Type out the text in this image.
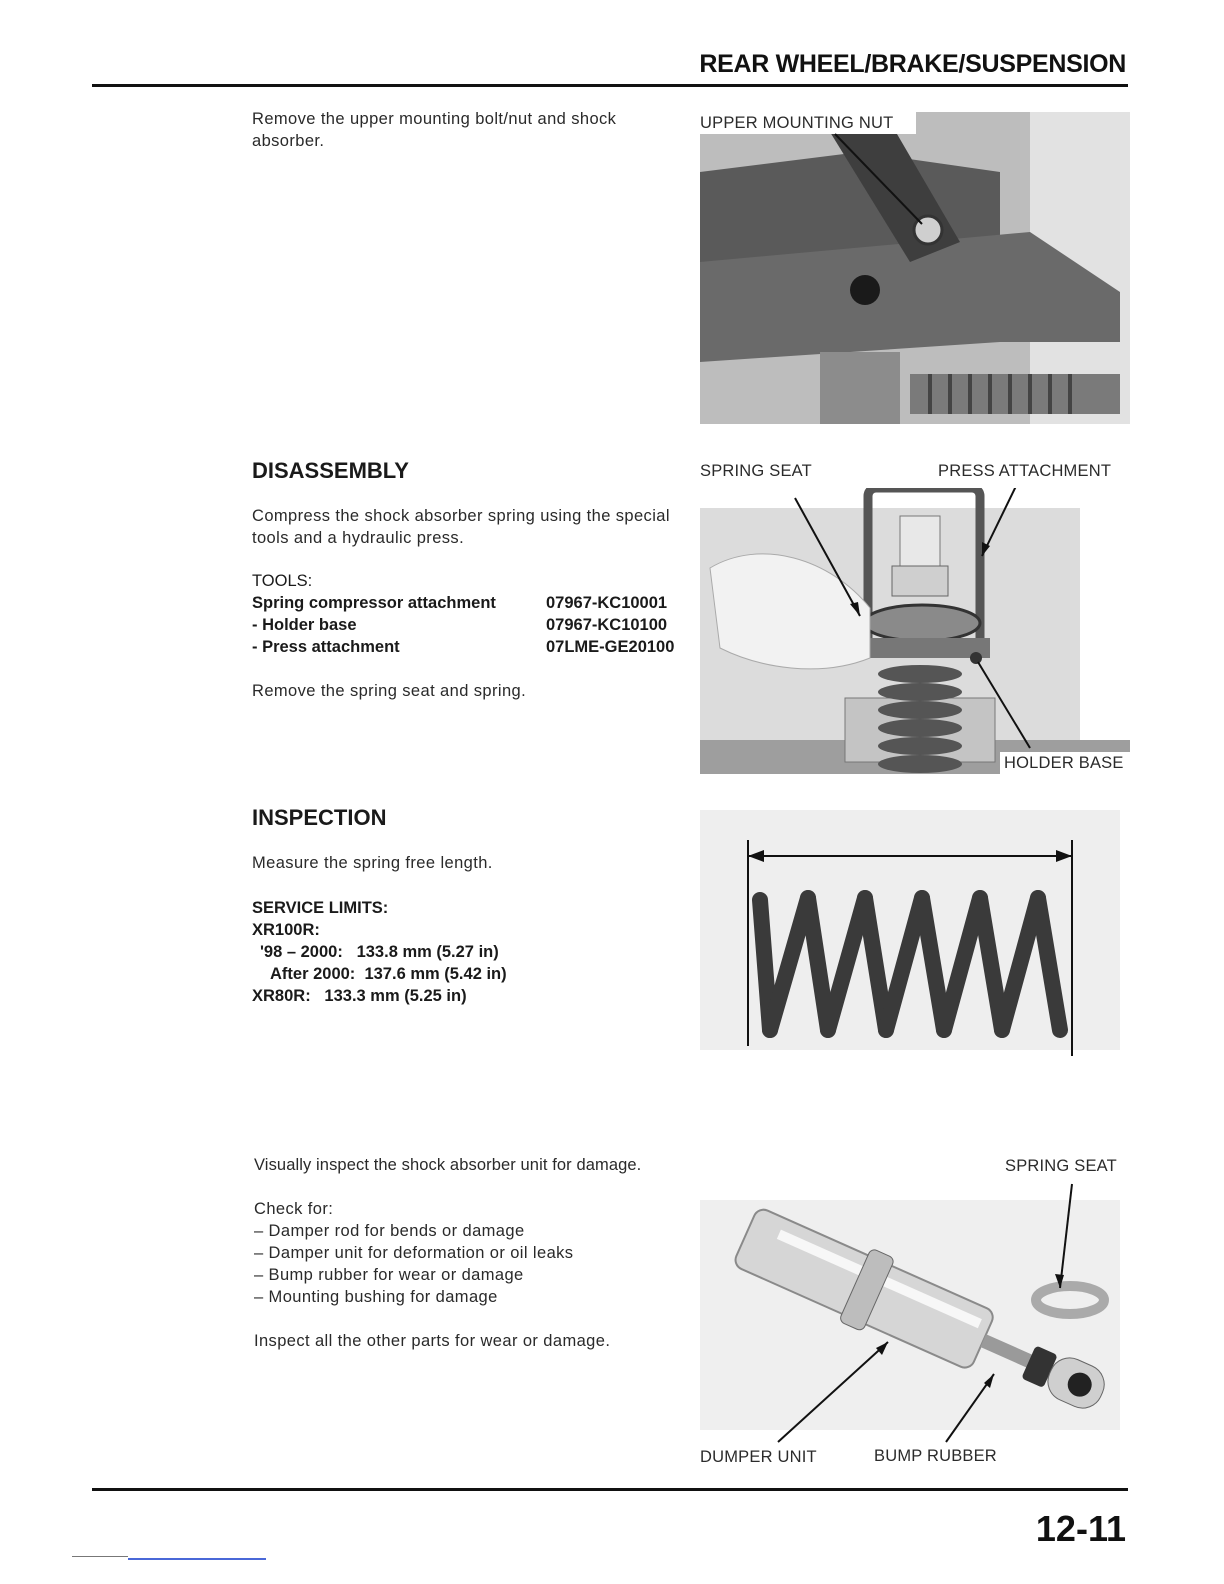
REAR WHEEL/BRAKE/SUSPENSION
Remove the upper mounting bolt/nut and shock absorber.
UPPER MOUNTING NUT
DISASSEMBLY
Compress the shock absorber spring using the special tools and a hydraulic press.
TOOLS:
Spring compressor attachment	07967-KC10001
- Holder base	07967-KC10100
- Press attachment	07LME-GE20100
Remove the spring seat and spring.
SPRING SEAT	PRESS ATTACHMENT
HOLDER BASE
INSPECTION
Measure the spring free length.
SERVICE LIMITS:
XR100R:
'98 – 2000:   133.8 mm (5.27 in)
After 2000:  137.6 mm (5.42 in)
XR80R:   133.3 mm (5.25 in)
Visually inspect the shock absorber unit for damage.
Check for:
– Damper rod for bends or damage
– Damper unit for deformation or oil leaks
– Bump rubber for wear or damage
– Mounting bushing for damage
Inspect all the other parts for wear or damage.
SPRING SEAT
DUMPER UNIT	BUMP RUBBER
12-11
